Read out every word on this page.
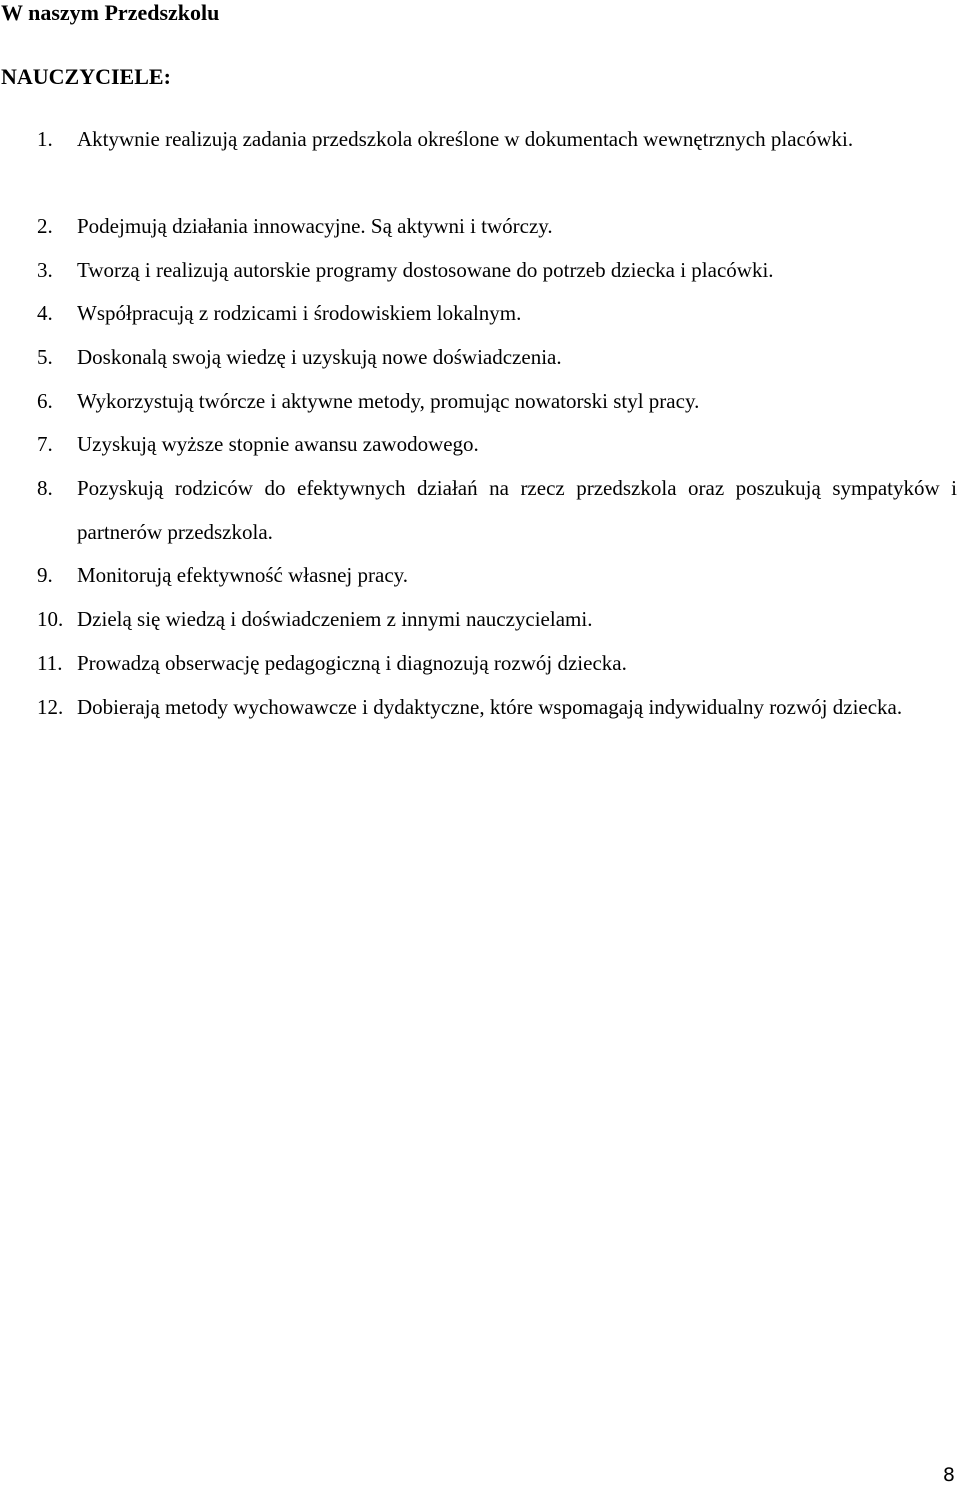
W naszym Przedszkolu
NAUCZYCIELE:
1. Aktywnie realizują zadania przedszkola określone w dokumentach wewnętrznych placówki.
2. Podejmują działania innowacyjne. Są aktywni i twórczy.
3. Tworzą i realizują autorskie programy dostosowane do potrzeb dziecka i placówki.
4. Współpracują z rodzicami i środowiskiem lokalnym.
5. Doskonalą swoją wiedzę i uzyskują nowe doświadczenia.
6. Wykorzystują twórcze i aktywne metody, promując nowatorski styl pracy.
7. Uzyskują wyższe stopnie awansu zawodowego.
8. Pozyskują rodziców do efektywnych działań na rzecz przedszkola oraz poszukują sympatyków i partnerów przedszkola.
9. Monitorują efektywność własnej pracy.
10. Dzielą się wiedzą i doświadczeniem z innymi nauczycielami.
11. Prowadzą obserwację pedagogiczną i diagnozują rozwój dziecka.
12. Dobierają metody wychowawcze i dydaktyczne, które wspomagają indywidualny rozwój dziecka.
8
